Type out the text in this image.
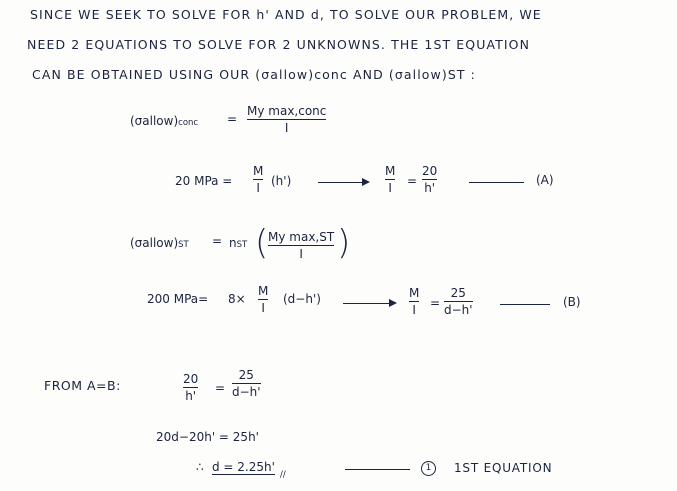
SINCE WE SEEK TO SOLVE FOR h' AND d, TO SOLVE OUR PROBLEM, WE
NEED 2 EQUATIONS TO SOLVE FOR 2 UNKNOWNS. THE 1ST EQUATION
CAN BE OBTAINED USING OUR (σallow)conc AND (σallow)ST :
(σallow)conc =
My max,conc
I
20 MPa =
M
I
(h')
M
I
=
20
h'
(A)
(σallow)ST = nST ( My max,ST
I )
200 MPa= 8×
M
I
(d−h')	M
I
=
25
d−h'
(B)
FROM A=B:	20
h'
=
25
d−h'
20d−20h' = 25h'
∴ d = 2.25h'
//
1	1ST EQUATION
